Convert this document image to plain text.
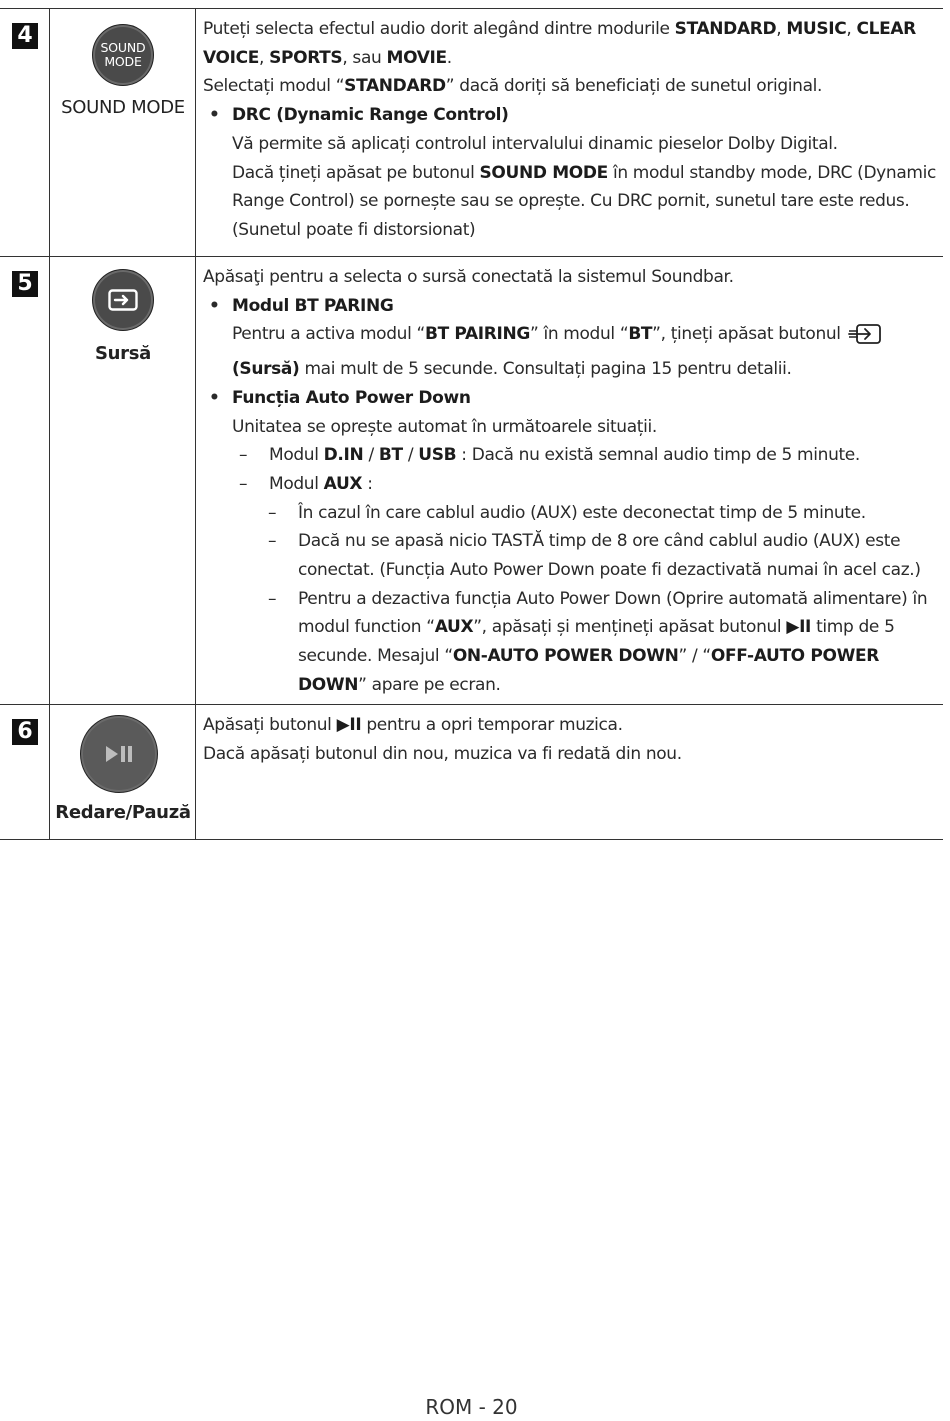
4	SOUND
MODE
SOUND MODE

Puteți selecta efectul audio dorit alegând dintre modurile STANDARD, MUSIC, CLEAR VOICE, SPORTS, sau MOVIE.

Selectați modul “STANDARD” dacă doriți să beneficiați de sunetul original.

• DRC (Dynamic Range Control)

Vă permite să aplicați controlul intervalului dinamic pieselor Dolby Digital.

Dacă țineți apăsat pe butonul SOUND MODE în modul standby mode, DRC (Dynamic Range Control) se pornește sau se oprește. Cu DRC pornit, sunetul tare este redus. (Sunetul poate fi distorsionat)

5
Sursă

Apăsaţi pentru a selecta o sursă conectată la sistemul Soundbar.

• Modul BT PARING

Pentru a activa modul “BT PAIRING” în modul “BT”, țineți apăsat butonul (Sursă) mai mult de 5 secunde. Consultați pagina 15 pentru detalii.

• Funcția Auto Power Down

Unitatea se oprește automat în următoarele situații.

– Modul D.IN / BT / USB : Dacă nu există semnal audio timp de 5 minute.

– Modul AUX :

– În cazul în care cablul audio (AUX) este deconectat timp de 5 minute.

– Dacă nu se apasă nicio TASTĂ timp de 8 ore când cablul audio (AUX) este conectat. (Funcția Auto Power Down poate fi dezactivată numai în acel caz.)

– Pentru a dezactiva funcția Auto Power Down (Oprire automată alimentare) în modul function “AUX”, apăsați și mențineți apăsat butonul ▶II timp de 5 secunde. Mesajul “ON-AUTO POWER DOWN” / “OFF-AUTO POWER DOWN” apare pe ecran.

6
Redare/Pauză

Apăsați butonul ▶II pentru a opri temporar muzica.

Dacă apăsați butonul din nou, muzica va fi redată din nou.

ROM - 20
